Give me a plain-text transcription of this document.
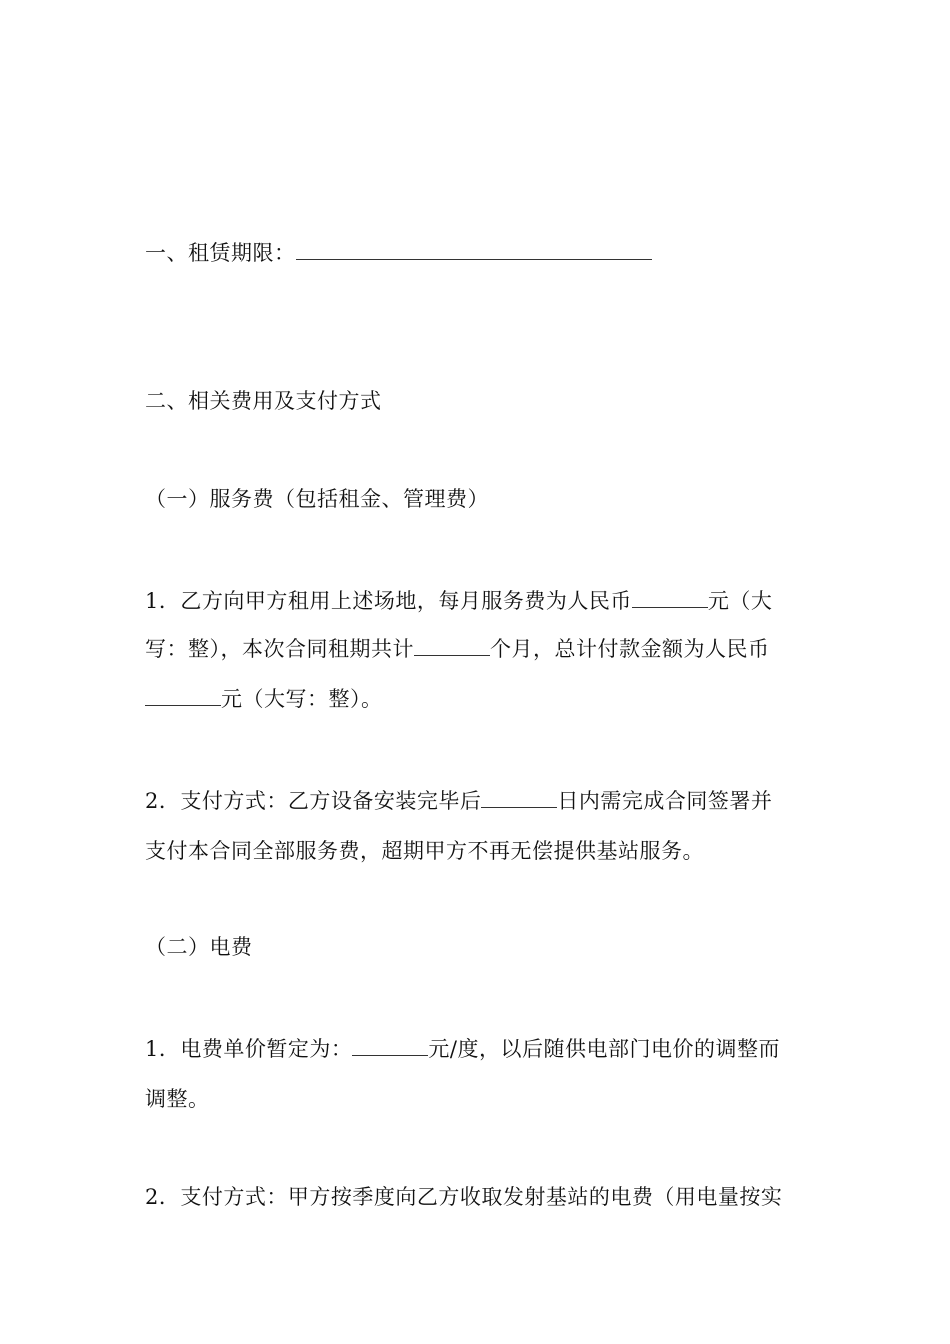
一、租赁期限：
二、相关费用及支付方式
（一）服务费（包括租金、管理费）
1．乙方向甲方租用上述场地，每月服务费为人民币	元（大
写：整），本次合同租期共计	个月，总计付款金额为人民币
元（大写：整）。
2．支付方式：乙方设备安装完毕后	日内需完成合同签署并
支付本合同全部服务费，超期甲方不再无偿提供基站服务。
（二）电费
1．电费单价暂定为：	元/度，以后随供电部门电价的调整而
调整。
2．支付方式：甲方按季度向乙方收取发射基站的电费（用电量按实
